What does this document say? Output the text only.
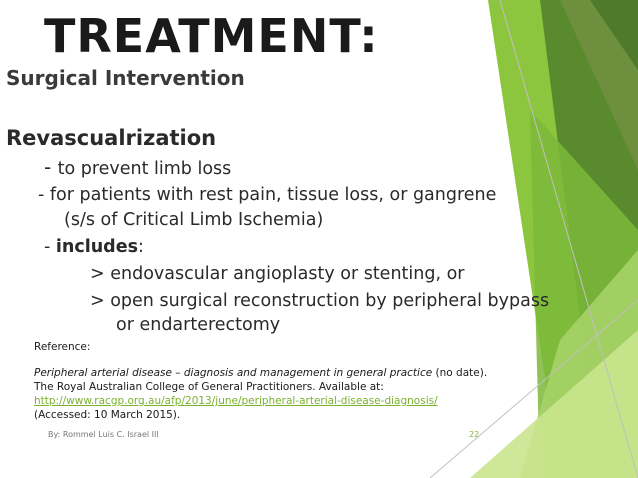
TREATMENT:
Surgical Intervention
Revascualrization
- to prevent limb loss
- for patients with rest pain, tissue loss, or gangrene
(s/s of Critical Limb Ischemia)
- includes:
> endovascular angioplasty or stenting, or
> open surgical reconstruction by peripheral bypass
or endarterectomy
Reference:
Peripheral arterial disease – diagnosis and management in general practice (no date).
The Royal Australian College of General Practitioners. Available at:
http://www.racgp.org.au/afp/2013/june/peripheral-arterial-disease-diagnosis/
(Accessed: 10 March 2015).
By: Rommel Luis C. Israel III	22
